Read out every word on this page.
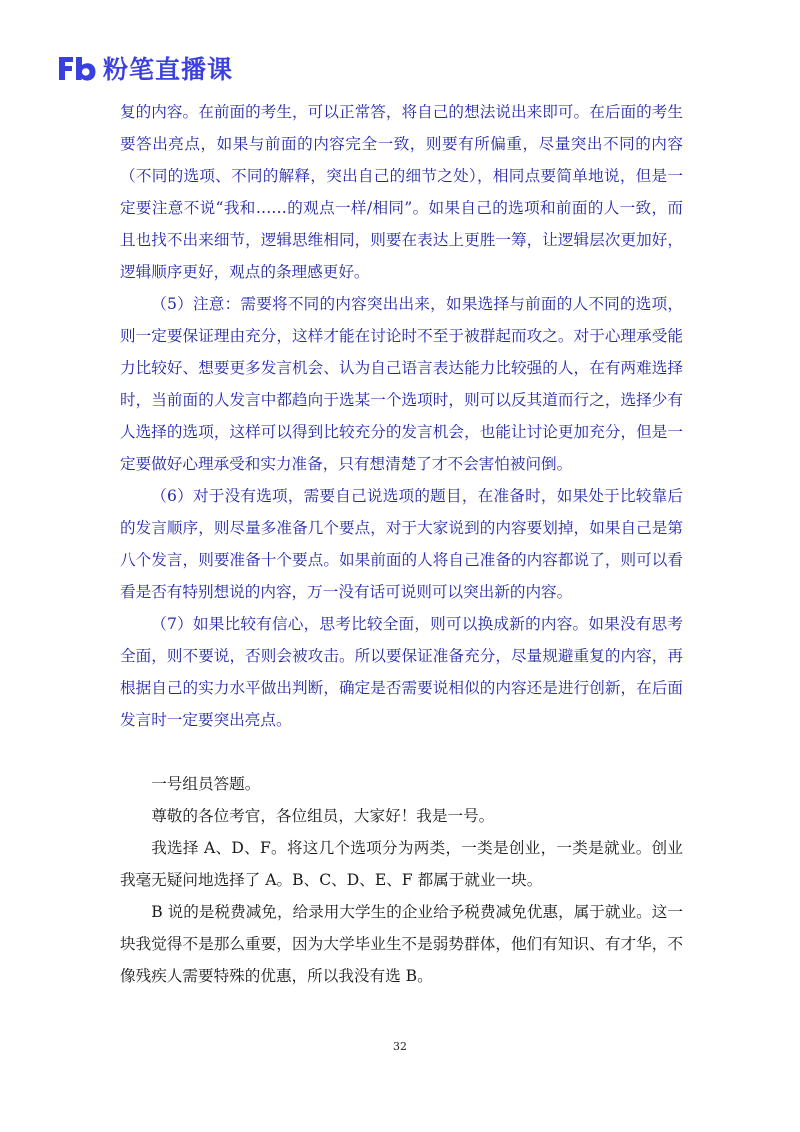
粉笔直播课

复的内容。在前面的考生，可以正常答，将自己的想法说出来即可。在后面的考生要答出亮点，如果与前面的内容完全一致，则要有所偏重，尽量突出不同的内容（不同的选项、不同的解释，突出自己的细节之处），相同点要简单地说，但是一定要注意不说“我和……的观点一样/相同”。如果自己的选项和前面的人一致，而且也找不出来细节，逻辑思维相同，则要在表达上更胜一筹，让逻辑层次更加好，逻辑顺序更好，观点的条理感更好。

（5）注意：需要将不同的内容突出出来，如果选择与前面的人不同的选项，则一定要保证理由充分，这样才能在讨论时不至于被群起而攻之。对于心理承受能力比较好、想要更多发言机会、认为自己语言表达能力比较强的人，在有两难选择时，当前面的人发言中都趋向于选某一个选项时，则可以反其道而行之，选择少有人选择的选项，这样可以得到比较充分的发言机会，也能让讨论更加充分，但是一定要做好心理承受和实力准备，只有想清楚了才不会害怕被问倒。

（6）对于没有选项，需要自己说选项的题目，在准备时，如果处于比较靠后的发言顺序，则尽量多准备几个要点，对于大家说到的内容要划掉，如果自己是第八个发言，则要准备十个要点。如果前面的人将自己准备的内容都说了，则可以看看是否有特别想说的内容，万一没有话可说则可以突出新的内容。

（7）如果比较有信心，思考比较全面，则可以换成新的内容。如果没有思考全面，则不要说，否则会被攻击。所以要保证准备充分，尽量规避重复的内容，再根据自己的实力水平做出判断，确定是否需要说相似的内容还是进行创新，在后面发言时一定要突出亮点。

一号组员答题。

尊敬的各位考官，各位组员，大家好！我是一号。

我选择 A、D、F。将这几个选项分为两类，一类是创业，一类是就业。创业我毫无疑问地选择了 A。B、C、D、E、F 都属于就业一块。

B 说的是税费减免，给录用大学生的企业给予税费减免优惠，属于就业。这一块我觉得不是那么重要，因为大学毕业生不是弱势群体，他们有知识、有才华，不像残疾人需要特殊的优惠，所以我没有选 B。

32
